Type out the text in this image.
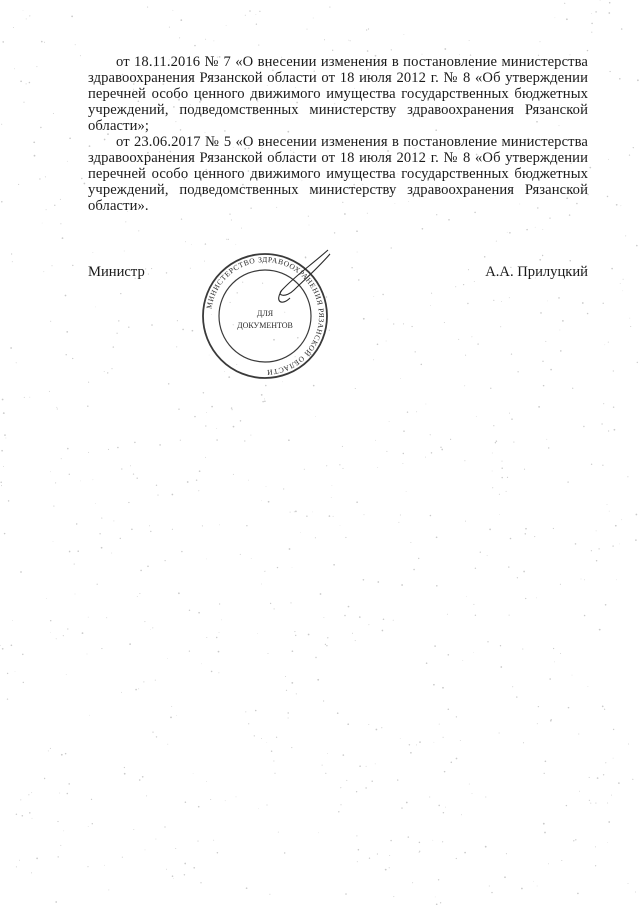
от 18.11.2016 № 7 «О внесении изменения в постановление министерства здравоохранения Рязанской области от 18 июля 2012 г. № 8 «Об утверждении перечней особо ценного движимого имущества государственных бюджетных учреждений, подведомственных министерству здравоохранения Рязанской области»;

от 23.06.2017 № 5 «О внесении изменения в постановление министерства здравоохранения Рязанской области от 18 июля 2012 г. № 8 «Об утверждении перечней особо ценного движимого имущества государственных бюджетных учреждений, подведомственных министерству здравоохранения Рязанской области».

Министр	А.А. Прилуцкий
МИНИСТЕРСТВО ЗДРАВООХРАНЕНИЯ РЯЗАНСКОЙ ОБЛАСТИ
ДЛЯ
ДОКУМЕНТОВ
